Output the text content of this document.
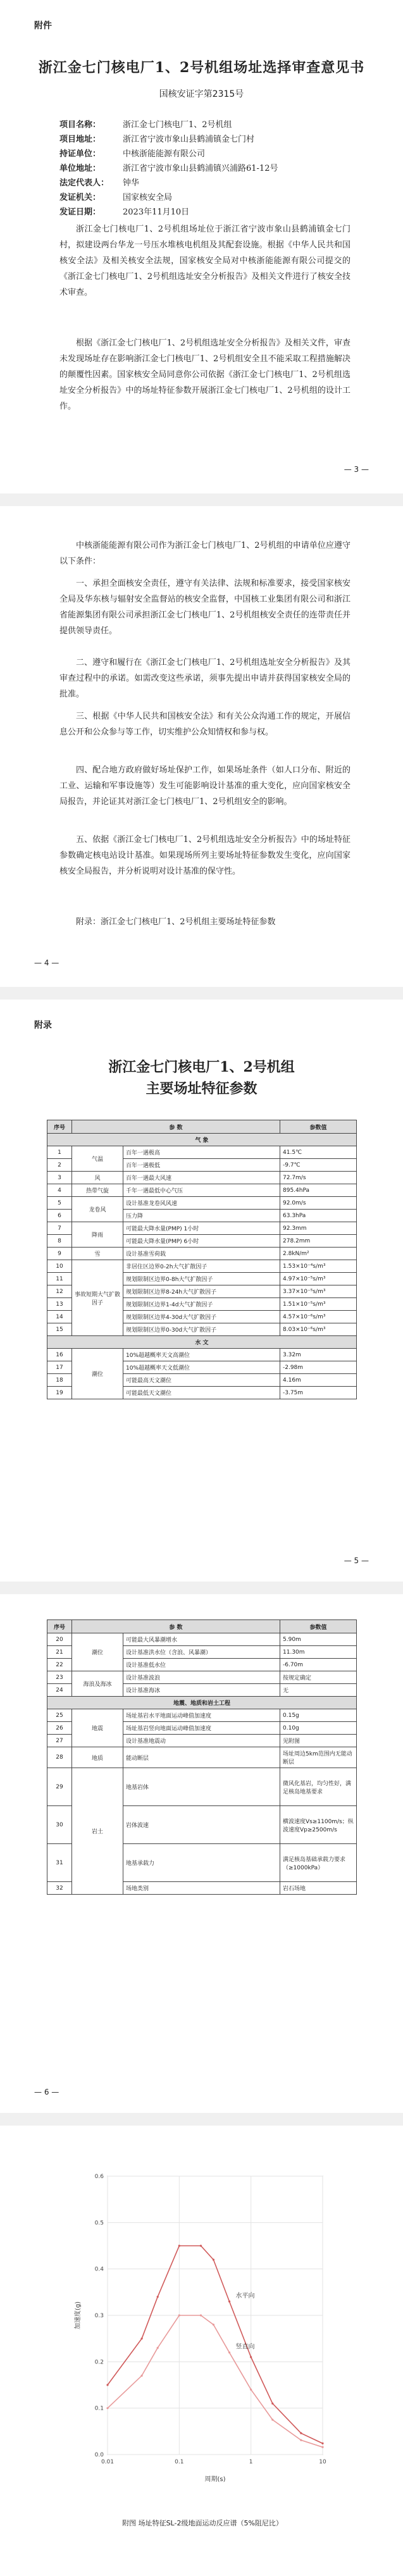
附件
浙江金七门核电厂1、2号机组场址选择审查意见书
国核安证字第2315号
项目名称：	浙江金七门核电厂1、2号机组
项目地址：	浙江省宁波市象山县鹤浦镇金七门村
持证单位：	中核浙能能源有限公司
单位地址：	浙江省宁波市象山县鹤浦镇兴浦路61-12号
法定代表人：	钟华
发证机关：	国家核安全局
发证日期：	2023年11月10日

浙江金七门核电厂1、2号机组场址位于浙江省宁波市象山县鹤浦镇金七门村，拟建设两台华龙一号压水堆核电机组及其配套设施。根据《中华人民共和国核安全法》及相关核安全法规，国家核安全局对中核浙能能源有限公司提交的《浙江金七门核电厂1、2号机组选址安全分析报告》及相关文件进行了核安全技术审查。

根据《浙江金七门核电厂1、2号机组选址安全分析报告》及相关文件，审查未发现场址存在影响浙江金七门核电厂1、2号机组安全且不能采取工程措施解决的颠覆性因素。国家核安全局同意你公司依据《浙江金七门核电厂1、2号机组选址安全分析报告》中的场址特征参数开展浙江金七门核电厂1、2号机组的设计工作。

— 3 —

中核浙能能源有限公司作为浙江金七门核电厂1、2号机组的申请单位应遵守以下条件：

一、承担全面核安全责任，遵守有关法律、法规和标准要求，接受国家核安全局及华东核与辐射安全监督站的核安全监督，中国核工业集团有限公司和浙江省能源集团有限公司承担浙江金七门核电厂1、2号机组核安全责任的连带责任并提供领导责任。

二、遵守和履行在《浙江金七门核电厂1、2号机组选址安全分析报告》及其审查过程中的承诺。如需改变这些承诺，须事先提出申请并获得国家核安全局的批准。

三、根据《中华人民共和国核安全法》和有关公众沟通工作的规定，开展信息公开和公众参与等工作，切实维护公众知情权和参与权。

四、配合地方政府做好场址保护工作，如果场址条件（如人口分布、附近的工业、运输和军事设施等）发生可能影响设计基准的重大变化，应向国家核安全局报告，并论证其对浙江金七门核电厂1、2号机组安全的影响。

五、依据《浙江金七门核电厂1、2号机组选址安全分析报告》中的场址特征参数确定核电站设计基准。如果现场所列主要场址特征参数发生变化，应向国家核安全局报告，并分析说明对设计基准的保守性。

附录：浙江金七门核电厂1、2号机组主要场址特征参数

— 4 —
附录
浙江金七门核电厂1、2号机组
主要场址特征参数
序号	参 数		参数值
气 象			
1	气温	百年一遇极高	41.5℃
2		百年一遇极低	-9.7℃
3	风	百年一遇最大风速	72.7m/s
4	热带气旋	千年一遇最低中心气压	895.4hPa
5	龙卷风	设计基准龙卷风风速	92.0m/s
6		压力降	63.3hPa
7	降雨	可能最大降水量(PMP) 1小时	92.3mm
8		可能最大降水量(PMP) 6小时	278.2mm
9	雪	设计基准雪荷载	2.8kN/m²
10	事故短期大气扩散因子	非居住区边界0-2h大气扩散因子	1.53×10⁻⁴s/m³
11		规划限制区边界0-8h大气扩散因子	4.97×10⁻⁵s/m³
12		规划限制区边界8-24h大气扩散因子	3.37×10⁻⁵s/m³
13		规划限制区边界1-4d大气扩散因子	1.51×10⁻⁵s/m³
14		规划限制区边界4-30d大气扩散因子	4.57×10⁻⁶s/m³
15		规划限制区边界0-30d大气扩散因子	8.03×10⁻⁶s/m³
水 文			
16	潮位	10%超越概率天文高潮位	3.32m
17		10%超越概率天文低潮位	-2.98m
18		可能最高天文潮位	4.16m
19		可能最低天文潮位	-3.75m
— 5 —
序号	参 数		参数值
20	潮位	可能最大风暴潮增水	5.90m
21		设计基准洪水位（含浪、风暴潮）	11.30m
22		设计基准低水位	-6.70m
23	海浪及海冰	设计基准波浪	按规定确定
24		设计基准海冰	无
地震、地质和岩土工程			
25	地震	场址基岩水平地面运动峰值加速度	0.15g
26		场址基岩竖向地面运动峰值加速度	0.10g
27		设计基准地震动	见附图
28	地质	能动断层	场址周边5km范围内无能动断层
29	岩土	地基岩体	微风化基岩，均匀性好，满足核岛地基要求
30		岩体波速	横波速度Vs≥1100m/s；纵波速度Vp≥2500m/s
31		地基承载力	满足核岛基础承载力要求（≥1000kPa）
32		场地类别	岩石场地
— 6 —
0.0
0.1
0.2
0.3
0.4
0.5
0.6
0.01	0.1	1	10
周期(s)
加速度(g)
水平向
竖直向
附图 场址特征SL-2级地面运动反应谱（5%阻尼比）
